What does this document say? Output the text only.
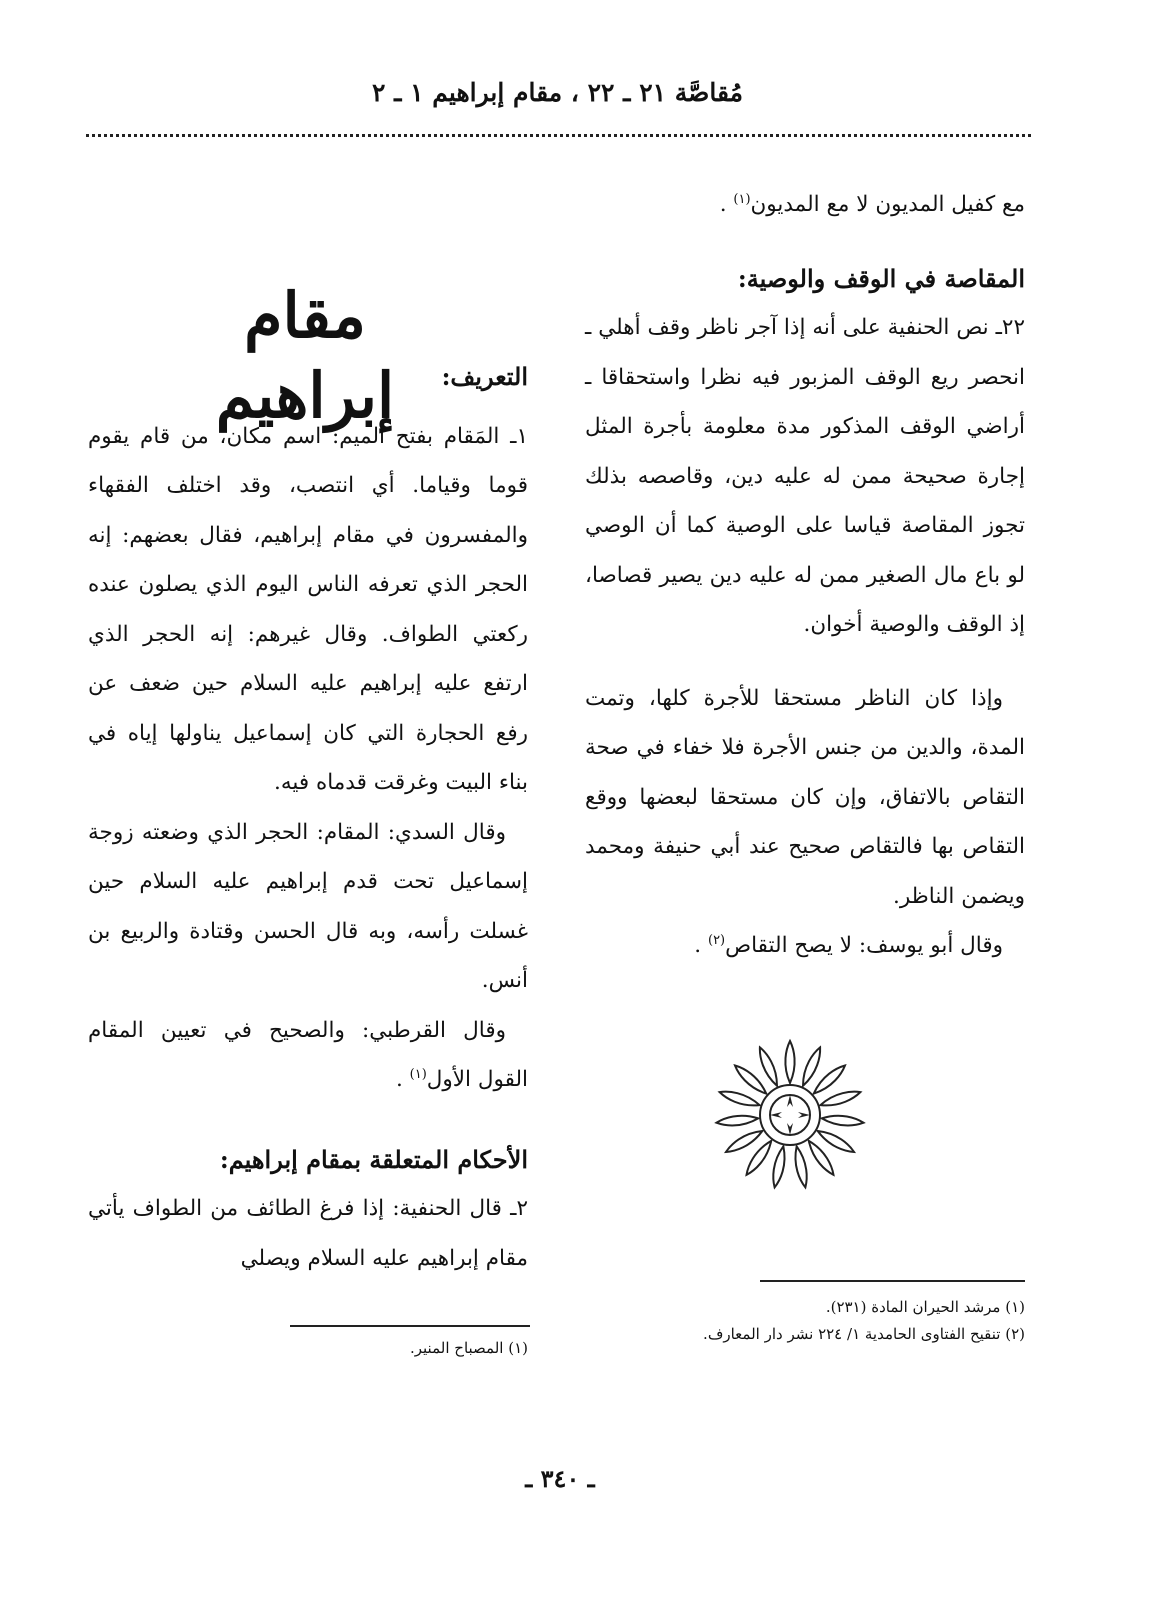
مُقاصَّة ٢١ ـ ٢٢ ، مقام إبراهيم ١ ـ ٢

مع كفيل المديون لا مع المديون$^{(١)}$ .

المقاصة في الوقف والوصية:

٢٢ـ نص الحنفية على أنه إذا آجر ناظر وقف أهلي ـ انحصر ريع الوقف المزبور فيه نظرا واستحقاقا ـ أراضي الوقف المذكور مدة معلومة بأجرة المثل إجارة صحيحة ممن له عليه دين، وقاصصه بذلك تجوز المقاصة قياسا على الوصية كما أن الوصي لو باع مال الصغير ممن له عليه دين يصير قصاصا، إذ الوقف والوصية أخوان.

وإذا كان الناظر مستحقا للأجرة كلها، وتمت المدة، والدين من جنس الأجرة فلا خفاء في صحة التقاص بالاتفاق، وإن كان مستحقا لبعضها ووقع التقاص بها فالتقاص صحيح عند أبي حنيفة ومحمد ويضمن الناظر.

وقال أبو يوسف: لا يصح التقاص$^{(٢)}$ .

مقام إبراهيم	التعريف:

١ـ المَقام بفتح الميم: اسم مكان، من قام يقوم قوما وقياما. أي انتصب، وقد اختلف الفقهاء والمفسرون في مقام إبراهيم، فقال بعضهم: إنه الحجر الذي تعرفه الناس اليوم الذي يصلون عنده ركعتي الطواف. وقال غيرهم: إنه الحجر الذي ارتفع عليه إبراهيم عليه السلام حين ضعف عن رفع الحجارة التي كان إسماعيل يناولها إياه في بناء البيت وغرقت قدماه فيه.

وقال السدي: المقام: الحجر الذي وضعته زوجة إسماعيل تحت قدم إبراهيم عليه السلام حين غسلت رأسه، وبه قال الحسن وقتادة والربيع بن أنس.

وقال القرطبي: والصحيح في تعيين المقام القول الأول$^{(١)}$ .

الأحكام المتعلقة بمقام إبراهيم:

٢ـ قال الحنفية: إذا فرغ الطائف من الطواف يأتي مقام إبراهيم عليه السلام ويصلي

(١) مرشد الحيران المادة (٢٣١).

(٢) تنقيح الفتاوى الحامدية ١/ ٢٢٤ نشر دار المعارف.

(١) المصباح المنير.

ـ ٣٤٠ ـ
